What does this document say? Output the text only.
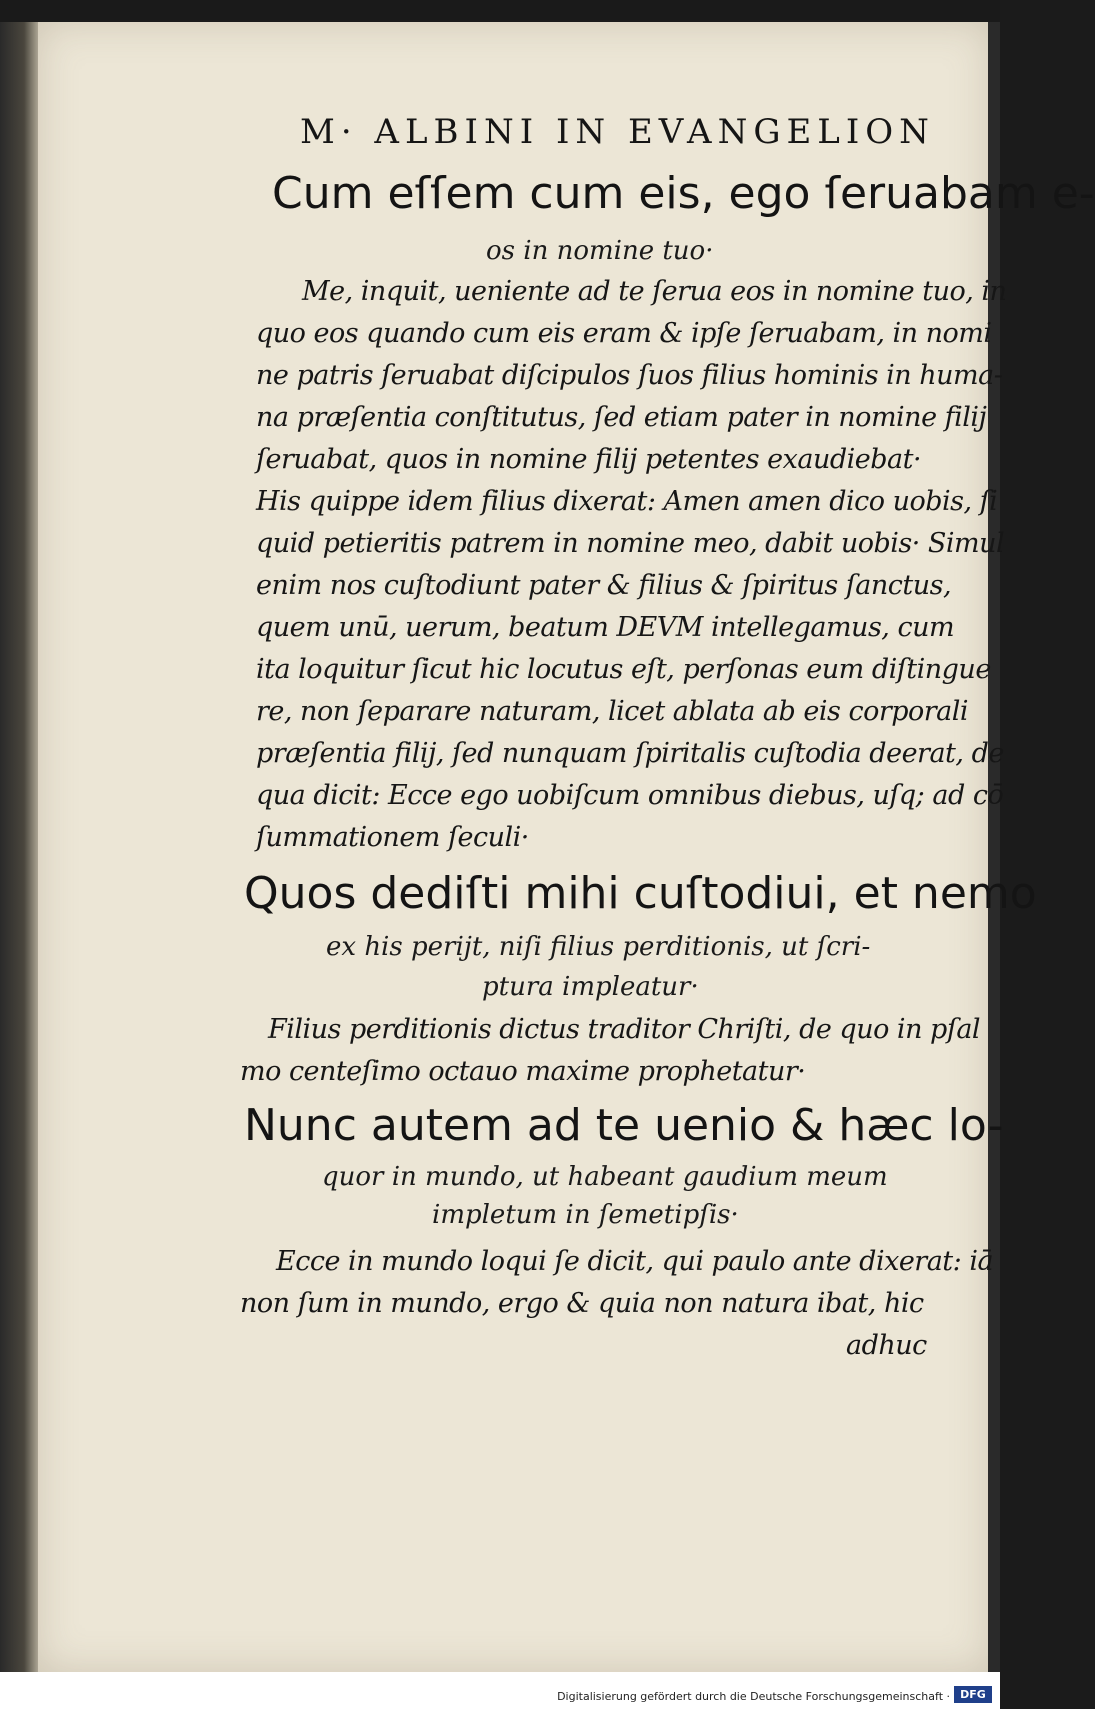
M· ALBINI IN EVANGELION
Cum eſſem cum eis, ego ſeruabam e-
os in nomine tuo·
Me, inquit, ueniente ad te ſerua eos in nomine tuo, in
quo eos quando cum eis eram & ipſe ſeruabam, in nomi
ne patris ſeruabat diſcipulos ſuos filius hominis in huma-
na præſentia conſtitutus, ſed etiam pater in nomine filij
ſeruabat, quos in nomine filij petentes exaudiebat·
His quippe idem filius dixerat: Amen amen dico uobis, ſi
quid petieritis patrem in nomine meo, dabit uobis· Simul
enim nos cuſtodiunt pater & filius & ſpiritus ſanctus,
quem unū, uerum, beatum DEVM intellegamus, cum
ita loquitur ſicut hic locutus eſt, perſonas eum diſtingue
re, non ſeparare naturam, licet ablata ab eis corporali
præſentia filij, ſed nunquam ſpiritalis cuſtodia deerat, de
qua dicit: Ecce ego uobiſcum omnibus diebus, uſq; ad cō
ſummationem ſeculi·
Quos dediſti mihi cuſtodiui, et nemo
ex his perijt, niſi filius perditionis, ut ſcri-
ptura impleatur·
Filius perditionis dictus traditor Chriſti, de quo in pſal
mo centeſimo octauo maxime prophetatur·
Nunc autem ad te uenio & hæc lo-
quor in mundo, ut habeant gaudium meum
impletum in ſemetipſis·
Ecce in mundo loqui ſe dicit, qui paulo ante dixerat: iā
non ſum in mundo, ergo & quia non natura ibat, hic
adhuc
Digitalisierung gefördert durch die Deutsche Forschungsgemeinschaft · DFG
